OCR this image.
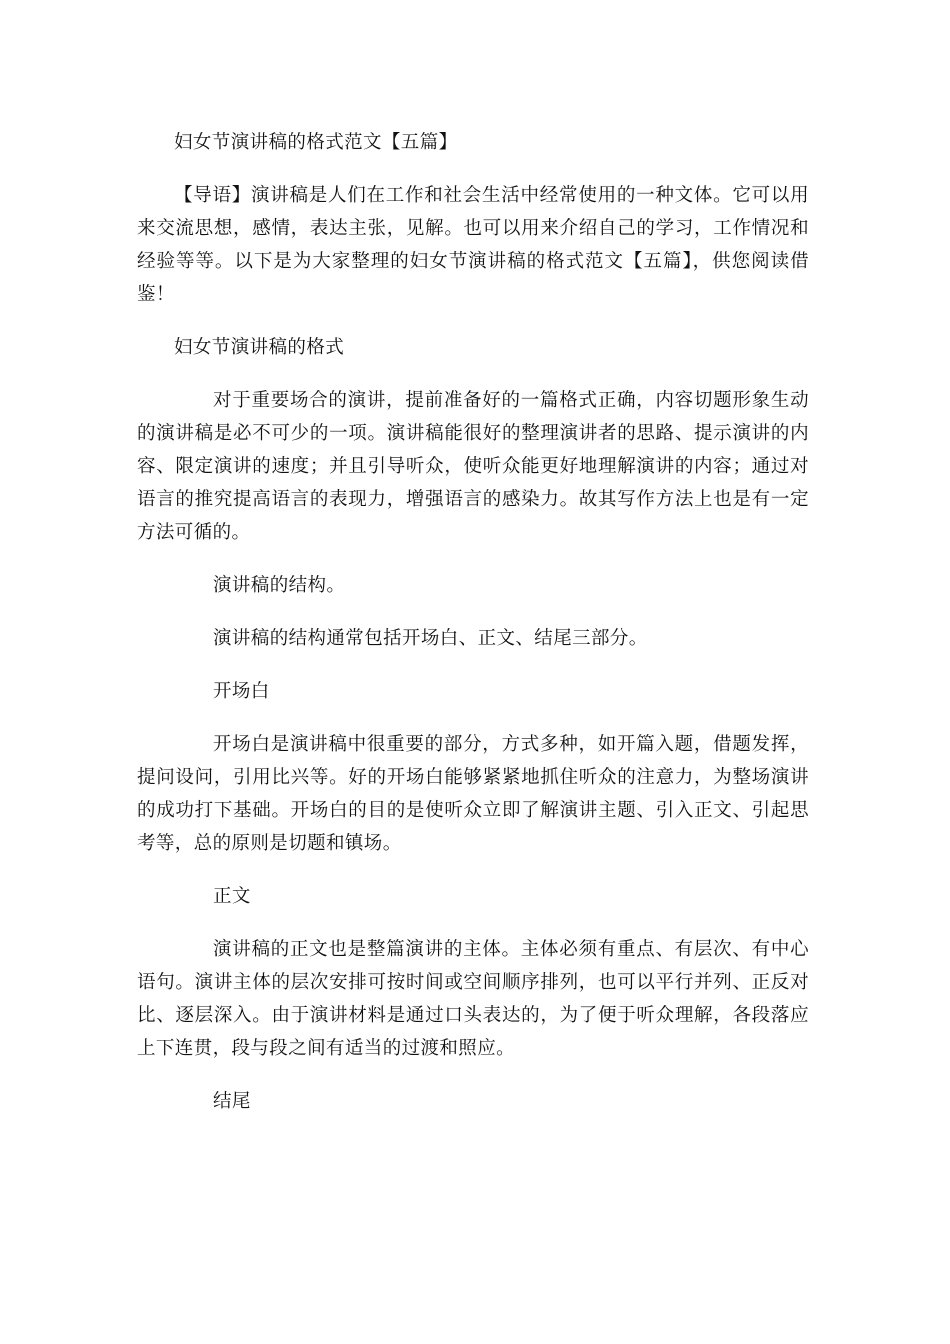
妇女节演讲稿的格式范文【五篇】

【导语】演讲稿是人们在工作和社会生活中经常使用的一种文体。它可以用来交流思想，感情，表达主张，见解。也可以用来介绍自己的学习，工作情况和经验等等。以下是为大家整理的妇女节演讲稿的格式范文【五篇】，供您阅读借鉴！

妇女节演讲稿的格式

对于重要场合的演讲，提前准备好的一篇格式正确，内容切题形象生动的演讲稿是必不可少的一项。演讲稿能很好的整理演讲者的思路、提示演讲的内容、限定演讲的速度；并且引导听众，使听众能更好地理解演讲的内容；通过对语言的推究提高语言的表现力，增强语言的感染力。故其写作方法上也是有一定方法可循的。

演讲稿的结构。

演讲稿的结构通常包括开场白、正文、结尾三部分。

开场白

开场白是演讲稿中很重要的部分，方式多种，如开篇入题，借题发挥，提问设问，引用比兴等。好的开场白能够紧紧地抓住听众的注意力，为整场演讲的成功打下基础。开场白的目的是使听众立即了解演讲主题、引入正文、引起思考等，总的原则是切题和镇场。

正文

演讲稿的正文也是整篇演讲的主体。主体必须有重点、有层次、有中心语句。演讲主体的层次安排可按时间或空间顺序排列，也可以平行并列、正反对比、逐层深入。由于演讲材料是通过口头表达的，为了便于听众理解，各段落应上下连贯，段与段之间有适当的过渡和照应。

结尾
